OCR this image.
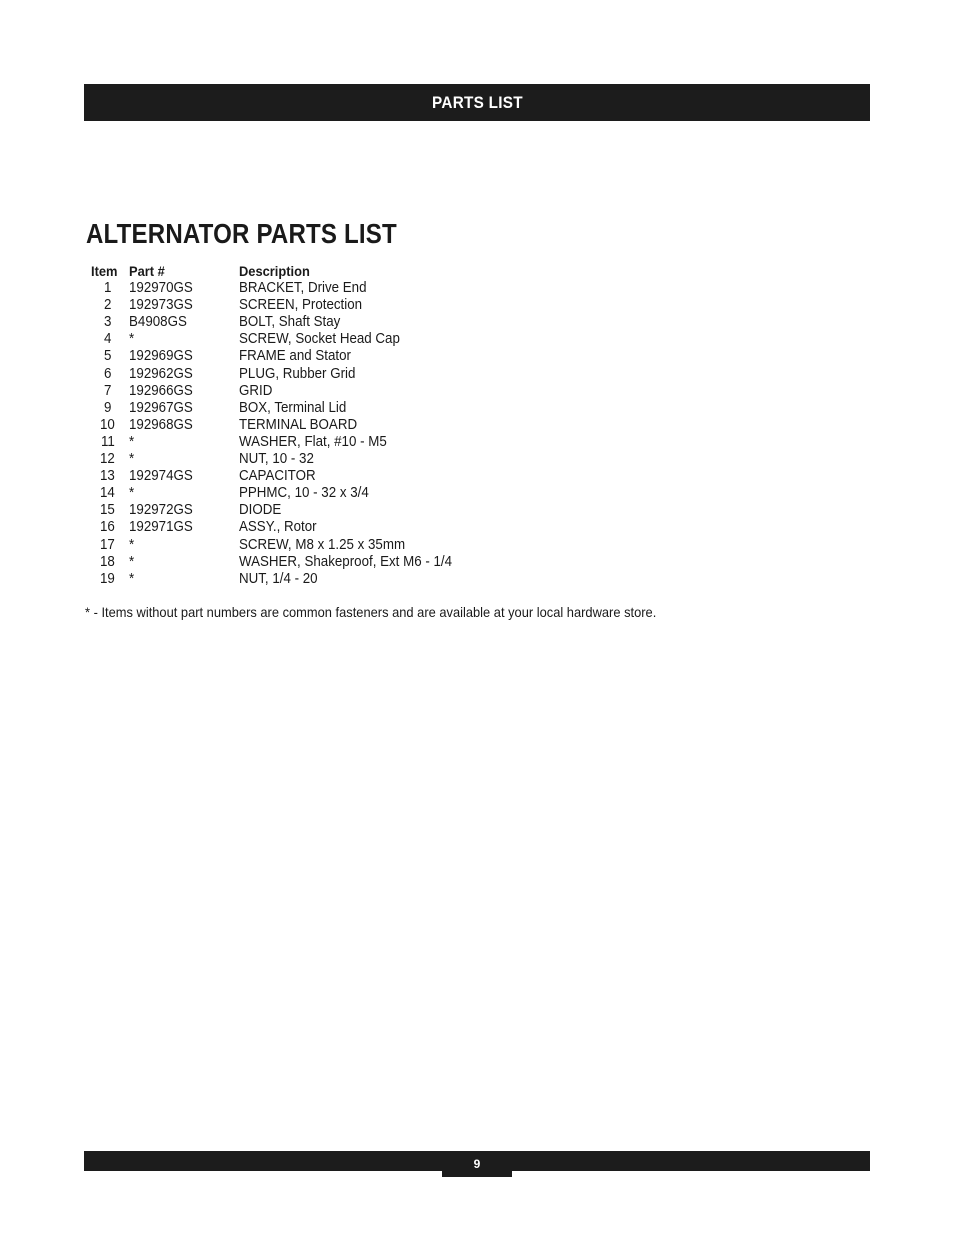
PARTS LIST
ALTERNATOR PARTS LIST
Item	Part #	Description
1	192970GS	BRACKET, Drive End
2	192973GS	SCREEN, Protection
3	B4908GS	BOLT, Shaft Stay
4	*	SCREW, Socket Head Cap
5	192969GS	FRAME and Stator
6	192962GS	PLUG, Rubber Grid
7	192966GS	GRID
9	192967GS	BOX, Terminal Lid
10	192968GS	TERMINAL BOARD
11	*	WASHER, Flat, #10 - M5
12	*	NUT, 10 - 32
13	192974GS	CAPACITOR
14	*	PPHMC, 10 - 32 x 3/4
15	192972GS	DIODE
16	192971GS	ASSY., Rotor
17	*	SCREW, M8 x 1.25 x 35mm
18	*	WASHER, Shakeproof, Ext M6 - 1/4
19	*	NUT, 1/4 - 20
* - Items without part numbers are common fasteners and are available at your local hardware store.
9
